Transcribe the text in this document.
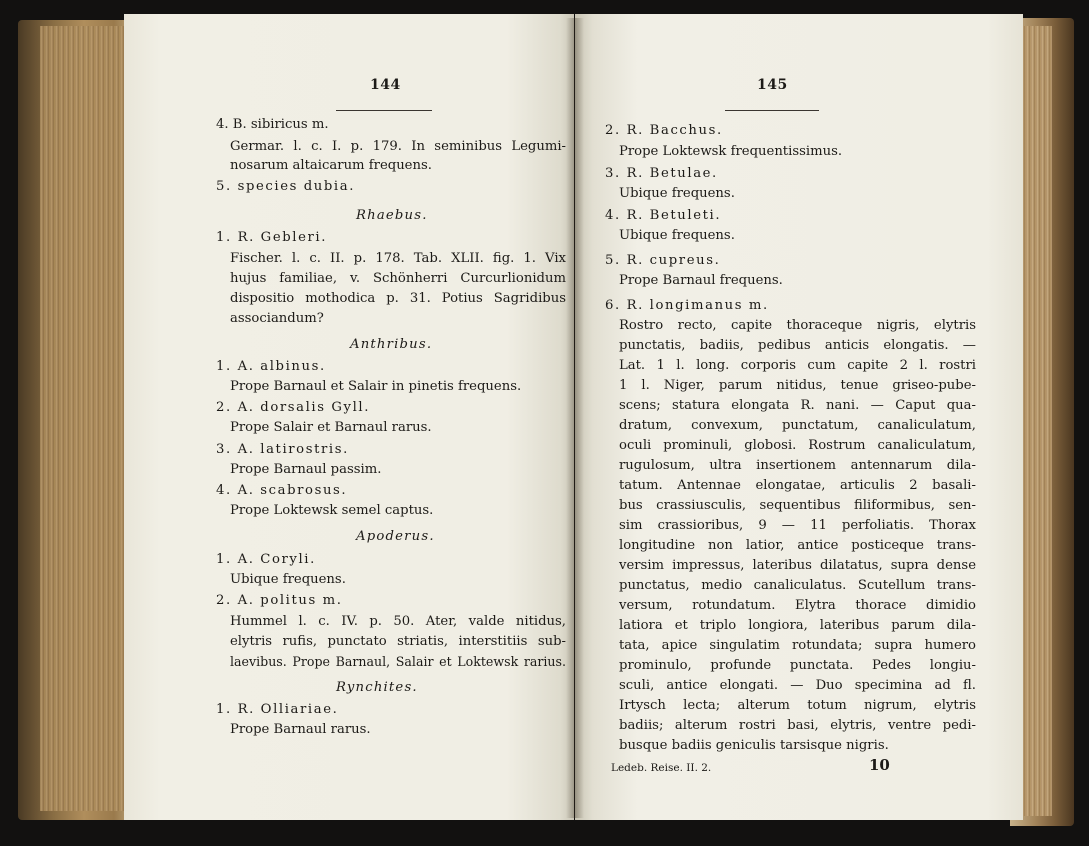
144
4. B. sibiricus m.
Germar. l. c. I. p. 179. In seminibus Legumi-
nosarum altaicarum frequens.
5. species dubia.
Rhaebus.
1. R. Gebleri.
Fischer. l. c. II. p. 178. Tab. XLII. fig. 1. Vix
hujus familiae, v. Schönherri Curcurlionidum
dispositio mothodica p. 31. Potius Sagridibus
associandum?
Anthribus.
1. A. albinus.
Prope Barnaul et Salair in pinetis frequens.
2. A. dorsalis Gyll.
Prope Salair et Barnaul rarus.
3. A. latirostris.
Prope Barnaul passim.
4. A. scabrosus.
Prope Loktewsk semel captus.
Apoderus.
1. A. Coryli.
Ubique frequens.
2. A. politus m.
Hummel l. c. IV. p. 50. Ater, valde nitidus,
elytris rufis, punctato striatis, interstitiis sub-
laevibus. Prope Barnaul, Salair et Loktewsk rarius.
Rynchites.
1. R. Olliariae.
Prope Barnaul rarus.
145
2. R. Bacchus.
Prope Loktewsk frequentissimus.
3. R. Betulae.
Ubique frequens.
4. R. Betuleti.
Ubique frequens.
5. R. cupreus.
Prope Barnaul frequens.
6. R. longimanus m.
Rostro recto, capite thoraceque nigris, elytris
punctatis, badiis, pedibus anticis elongatis. —
Lat. 1 l. long. corporis cum capite 2 l. rostri
1 l. Niger, parum nitidus, tenue griseo-pube-
scens; statura elongata R. nani. — Caput qua-
dratum, convexum, punctatum, canaliculatum,
oculi prominuli, globosi. Rostrum canaliculatum,
rugulosum, ultra insertionem antennarum dila-
tatum. Antennae elongatae, articulis 2 basali-
bus crassiusculis, sequentibus filiformibus, sen-
sim crassioribus, 9 — 11 perfoliatis. Thorax
longitudine non latior, antice posticeque trans-
versim impressus, lateribus dilatatus, supra dense
punctatus, medio canaliculatus. Scutellum trans-
versum, rotundatum. Elytra thorace dimidio
latiora et triplo longiora, lateribus parum dila-
tata, apice singulatim rotundata; supra humero
prominulo, profunde punctata. Pedes longiu-
sculi, antice elongati. — Duo specimina ad fl.
Irtysch lecta; alterum totum nigrum, elytris
badiis; alterum rostri basi, elytris, ventre pedi-
busque badiis geniculis tarsisque nigris.
Ledeb. Reise. II. 2.	10
